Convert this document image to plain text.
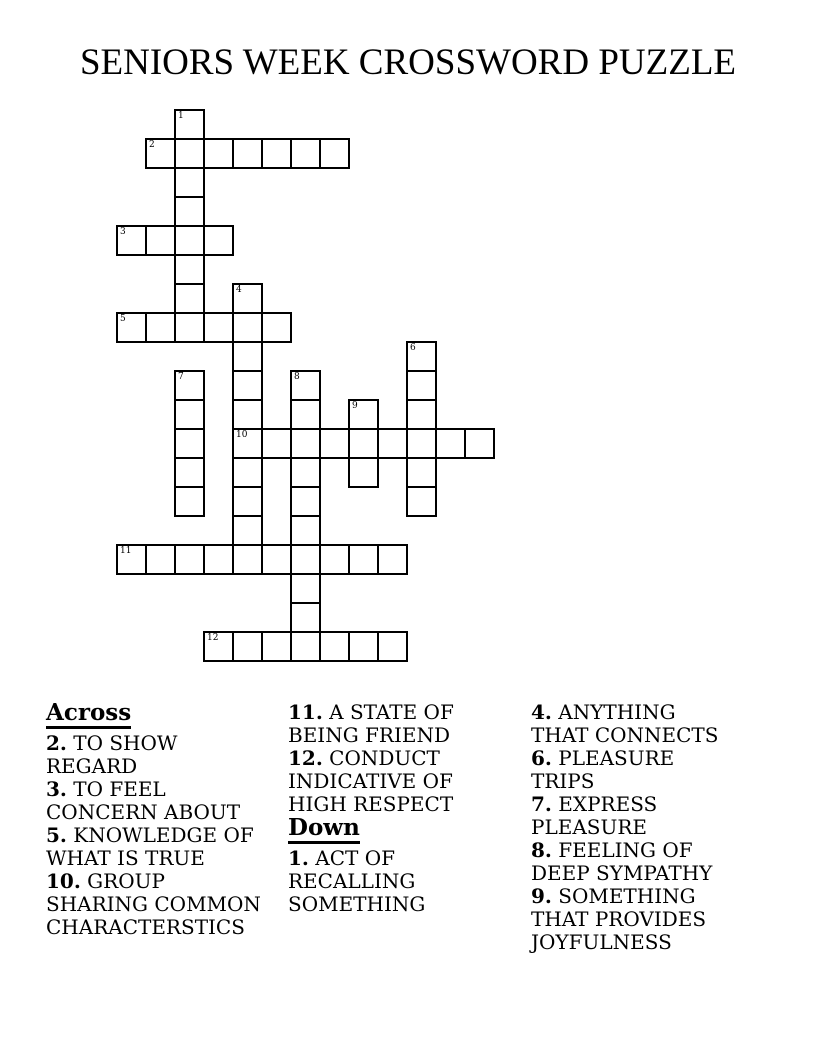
SENIORS WEEK CROSSWORD PUZZLE
1
2
3
4
10
5
6
7	8
9
11
12
Across

2. TO SHOW REGARD

3. TO FEEL CONCERN ABOUT

5. KNOWLEDGE OF WHAT IS TRUE

10. GROUP SHARING COMMON CHARACTERSTICS

11. A STATE OF BEING FRIEND

12. CONDUCT INDICATIVE OF HIGH RESPECT

Down

1. ACT OF RECALLING SOMETHING

4. ANYTHING THAT CONNECTS

6. PLEASURE TRIPS

7. EXPRESS PLEASURE

8. FEELING OF DEEP SYMPATHY

9. SOMETHING THAT PROVIDES JOYFULNESS
